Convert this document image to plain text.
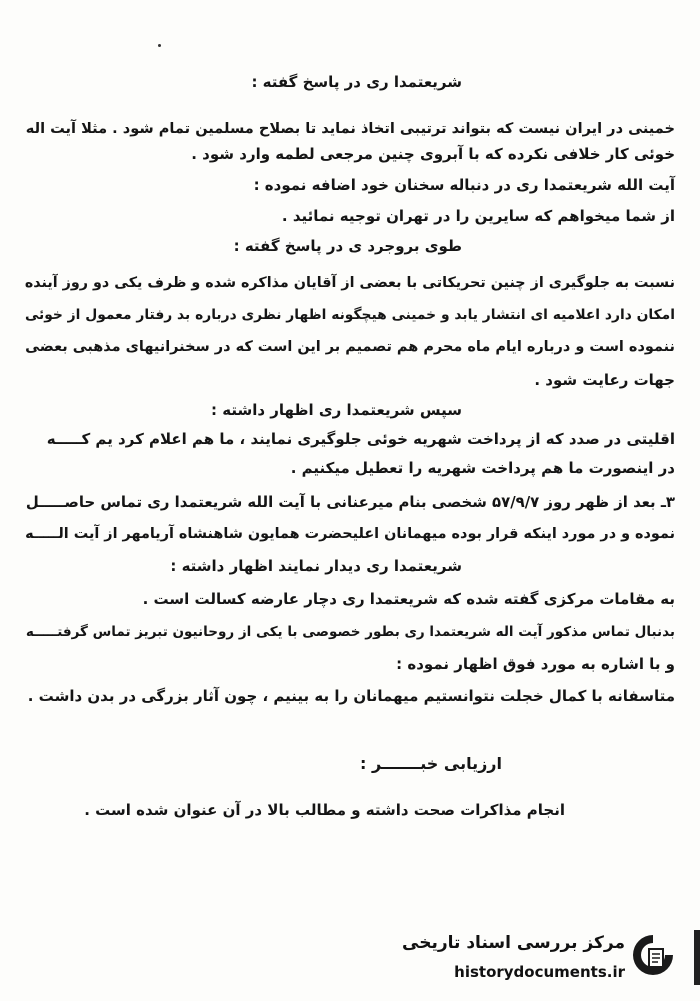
شریعتمدا ری در پاسخ گفته :
خمینی در ایران نیست که بتواند ترتیبی اتخاذ نماید تا بصلاح مسلمین تمام شود . مثلا آیت اله
خوئی کار خلافی نکرده که با آبروی چنین مرجعی لطمه وارد شود .
آیت الله شریعتمدا ری در دنباله سخنان خود اضافه نموده :
از شما میخواهم که سایرین را در تهران توجیه نمائید .
طوی بروجرد ی در پاسخ گفته :
نسبت به جلوگیری از چنین تحریکاتی با بعضی از آقایان مذاکره شده و ظرف یکی دو روز آینده
امکان دارد اعلامیه ای انتشار یابد و خمینی هیچگونه اظهار نظری درباره بد رفتار معمول از خوئی
ننموده است و درباره ایام ماه محرم هم تصمیم بر این است که در سخنرانیهای مذهبی بعضی
جهات رعایت شود .
سپس شریعتمدا ری اظهار داشته :
اقلیتی در صدد که از پرداخت شهریه خوئی جلوگیری نمایند ، ما هم اعلام کرد یم کـــــه
در اینصورت ما هم پرداخت شهریه را تعطیل میکنیم .
۳ـ بعد از ظهر روز ۵۷/۹/۷ شخصی بنام میرعنانی با آیت الله شریعتمدا ری تماس حاصـــــل
نموده و در مورد اینکه قرار بوده میهمانان اعلیحضرت همایون شاهنشاه آریامهر از آیت الـــــه
شریعتمدا ری دیدار نمایند اظهار داشته :
به مقامات مرکزی گفته شده که شریعتمدا ری دچار عارضه کسالت است .
بدنبال تماس مذکور آیت اله شریعتمدا ری بطور خصوصی با یکی از روحانیون تبریز تماس گرفتـــــه
و با اشاره به مورد فوق اظهار نموده :
متاسفانه با کمال خجلت نتوانستیم میهمانان را به بینیم ، چون آثار بزرگی در بدن داشت .
ارزیابی خبـــــــر :
انجام مذاکرات صحت داشته و مطالب بالا در آن عنوان شده است .
مرکز بررسی اسناد تاریخی
historydocuments.ir
